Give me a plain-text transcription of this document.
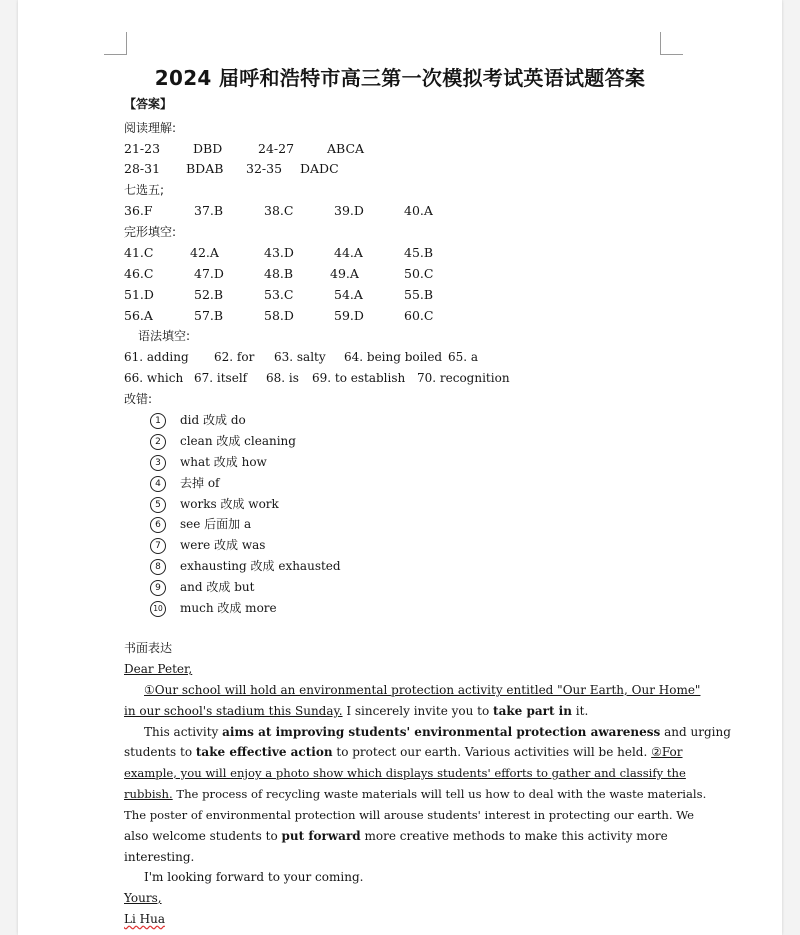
2024 届呼和浩特市高三第一次模拟考试英语试题答案
【答案】
阅读理解:
21-23	DBD	24-27	ABCA
28-31 BDAB 32-35 DADC
七选五;
36.F	37.B	38.C	39.D	40.A
完形填空:
41.C	42.A	43.D	44.A	45.B
46.C	47.D	48.B	49.A	50.C
51.D	52.B	53.C	54.A	55.B
56.A	57.B	58.D	59.D	60.C
语法填空:
61. adding 62. for 63. salty 64. being boiled 65. a
66. which 67. itself 68. is 69. to establish 70. recognition
改错:
1 did 改成 do
2 clean 改成 cleaning
3 what 改成 how
4 去掉 of
5 works 改成 work
6 see 后面加 a
7 were 改成 was
8 exhausting 改成 exhausted
9 and 改成 but
10 much 改成 more
书面表达
Dear Peter,
①Our school will hold an environmental protection activity entitled "Our Earth, Our Home"
in our school's stadium this Sunday. I sincerely invite you to take part in it.
This activity aims at improving students' environmental protection awareness and urging
students to take effective action to protect our earth. Various activities will be held. ②For
example, you will enjoy a photo show which displays students' efforts to gather and classify the
rubbish. The process of recycling waste materials will tell us how to deal with the waste materials.
The poster of environmental protection will arouse students' interest in protecting our earth. We
also welcome students to put forward more creative methods to make this activity more
interesting.
I'm looking forward to your coming.
Yours,
Li Hua
